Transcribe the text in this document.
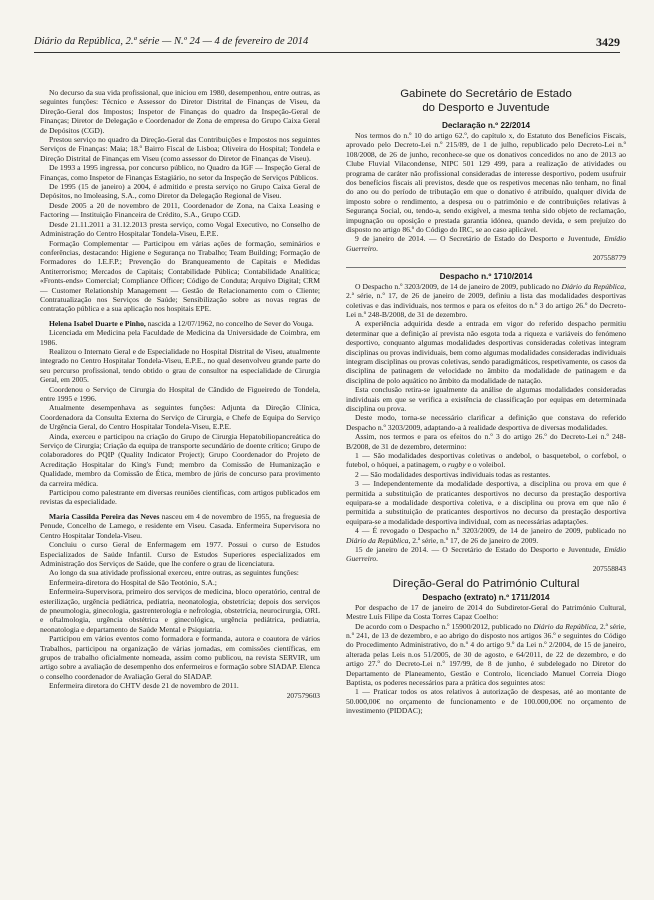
Diário da República, 2.ª série — N.º 24 — 4 de fevereiro de 2014	3429

No decurso da sua vida profissional, que iniciou em 1980, desempenhou, entre outras, as seguintes funções: Técnico e Assessor do Diretor Distrital de Finanças de Viseu, da Direção-Geral dos Impostos; Inspetor de Finanças do quadro da Inspeção-Geral de Finanças; Diretor de Delegação e Coordenador de Zona de empresa do Grupo Caixa Geral de Depósitos (CGD).

Prestou serviço no quadro da Direção-Geral das Contribuições e Impostos nos seguintes Serviços de Finanças: Maia; 18.º Bairro Fiscal de Lisboa; Oliveira do Hospital; Tondela e Direção Distrital de Finanças em Viseu (como assessor do Diretor de Finanças de Viseu).

De 1993 a 1995 ingressa, por concurso público, no Quadro da IGF — Inspeção Geral de Finanças, como Inspetor de Finanças Estagiário, no setor da Inspeção de Serviços Públicos.

De 1995 (15 de janeiro) a 2004, é admitido e presta serviço no Grupo Caixa Geral de Depósitos, no Imoleasing, S.A., como Diretor da Delegação Regional de Viseu.

Desde 2005 a 20 de novembro de 2011, Coordenador de Zona, na Caixa Leasing e Factoring — Instituição Financeira de Crédito, S.A., Grupo CGD.

Desde 21.11.2011 a 31.12.2013 presta serviço, como Vogal Executivo, no Conselho de Administração do Centro Hospitalar Tondela-Viseu, E.P.E.

Formação Complementar — Participou em várias ações de formação, seminários e conferências, destacando: Higiene e Segurança no Trabalho; Team Building; Formação de Formadores do I.E.F.P.; Prevenção do Branqueamento de Capitais e Medidas Antiterrorismo; Mercados de Capitais; Contabilidade Pública; Contabilidade Analítica; «Fronts-ends» Comercial; Compliance Officer; Código de Conduta; Arquivo Digital; CRM — Customer Relationship Management — Gestão de Relacionamento com o Cliente; Contratualização nos Serviços de Saúde; Sensibilização sobre as novas regras de contratação pública e a sua aplicação nos hospitais EPE.

Helena Isabel Duarte e Pinho, nascida a 12/07/1962, no concelho de Sever do Vouga.

Licenciada em Medicina pela Faculdade de Medicina da Universidade de Coimbra, em 1986.

Realizou o Internato Geral e de Especialidade no Hospital Distrital de Viseu, atualmente integrado no Centro Hospitalar Tondela-Viseu, E.P.E., no qual desenvolveu grande parte do seu percurso profissional, tendo obtido o grau de consultor na especialidade de Cirurgia Geral, em 2005.

Coordenou o Serviço de Cirurgia do Hospital de Cândido de Figueiredo de Tondela, entre 1995 e 1996.

Atualmente desempenhava as seguintes funções: Adjunta da Direção Clínica, Coordenadora da Consulta Externa do Serviço de Cirurgia, e Chefe de Equipa do Serviço de Urgência Geral, do Centro Hospitalar Tondela-Viseu, E.P.E.

Ainda, exerceu e participou na criação do Grupo de Cirurgia Hepatobiliopancreática do Serviço de Cirurgia; Criação da equipa de transporte secundário de doente crítico; Grupo de colaboradores do PQIP (Quality Indicator Project); Grupo Coordenador do Projeto de Acreditação Hospitalar do King's Fund; membro da Comissão de Humanização e Qualidade, membro da Comissão de Ética, membro de júris de concurso para provimento da carreira médica.

Participou como palestrante em diversas reuniões científicas, com artigos publicados em revistas da especialidade.

Maria Cassilda Pereira das Neves nasceu em 4 de novembro de 1955, na freguesia de Penude, Concelho de Lamego, e residente em Viseu. Casada. Enfermeira Supervisora no Centro Hospitalar Tondela-Viseu.

Concluiu o curso Geral de Enfermagem em 1977. Possui o curso de Estudos Especializados de Saúde Infantil. Curso de Estudos Superiores especializados em Administração dos Serviços de Saúde, que lhe confere o grau de licenciatura.

Ao longo da sua atividade profissional exerceu, entre outras, as seguintes funções:

Enfermeira-diretora do Hospital de São Teotónio, S.A.;

Enfermeira-Supervisora, primeiro dos serviços de medicina, bloco operatório, central de esterilização, urgência pediátrica, pediatria, neonatologia, obstetrícia; depois dos serviços de pneumologia, ginecologia, gastrenterologia e nefrologia, obstetrícia, neurocirurgia, ORL e oftalmologia, urgência obstétrica e ginecológica, urgência pediátrica, pediatria, neonatologia e departamento de Saúde Mental e Psiquiatria.

Participou em vários eventos como formadora e formanda, autora e coautora de vários Trabalhos, participou na organização de várias jornadas, em comissões científicas, em grupos de trabalho oficialmente nomeada, assim como publicou, na revista SERVIR, um artigo sobre a avaliação de desempenho dos enfermeiros e formação sobre SIADAP. Elenca o conselho coordenador de Avaliação Geral do SIADAP.

Enfermeira diretora do CHTV desde 21 de novembro de 2011.

207579603

Gabinete do Secretário de Estado
do Desporto e Juventude
Declaração n.º 22/2014

Nos termos do n.º 10 do artigo 62.º, do capítulo x, do Estatuto dos Benefícios Fiscais, aprovado pelo Decreto-Lei n.º 215/89, de 1 de julho, republicado pelo Decreto-Lei n.º 108/2008, de 26 de junho, reconhece-se que os donativos concedidos no ano de 2013 ao Clube Fluvial Vilacondense, NIPC 501 129 499, para a realização de atividades ou programa de caráter não profissional consideradas de interesse desportivo, podem usufruir dos benefícios fiscais ali previstos, desde que os respetivos mecenas não tenham, no final do ano ou do período de tributação em que o donativo é atribuído, qualquer dívida de imposto sobre o rendimento, a despesa ou o património e de contribuições relativas à Segurança Social, ou, tendo-a, sendo exigível, a mesma tenha sido objeto de reclamação, impugnação ou oposição e prestada garantia idónea, quando devida, e sem prejuízo do disposto no artigo 86.º do Código do IRC, se ao caso aplicável.

9 de janeiro de 2014. — O Secretário de Estado do Desporto e Juventude, Emídio Guerreiro.

207558779

Despacho n.º 1710/2014

O Despacho n.º 3203/2009, de 14 de janeiro de 2009, publicado no Diário da República, 2.ª série, n.º 17, de 26 de janeiro de 2009, definiu a lista das modalidades desportivas coletivas e das individuais, nos termos e para os efeitos do n.º 3 do artigo 26.º do Decreto-Lei n.º 248-B/2008, de 31 de dezembro.

A experiência adquirida desde a entrada em vigor do referido despacho permitiu determinar que a definição aí prevista não esgota toda a riqueza e variáveis do fenómeno desportivo, conquanto algumas modalidades desportivas consideradas coletivas integram disciplinas ou provas individuais, bem como algumas modalidades consideradas individuais integram disciplinas ou provas coletivas, sendo paradigmáticos, respetivamente, os casos da disciplina de patinagem de velocidade no âmbito da modalidade de patinagem e da disciplina de polo aquático no âmbito da modalidade de natação.

Esta conclusão retira-se igualmente da análise de algumas modalidades consideradas individuais em que se verifica a existência de classificação por equipas em determinada disciplina ou prova.

Deste modo, torna-se necessário clarificar a definição que constava do referido Despacho n.º 3203/2009, adaptando-a à realidade desportiva de diversas modalidades.

Assim, nos termos e para os efeitos do n.º 3 do artigo 26.º do Decreto-Lei n.º 248-B/2008, de 31 de dezembro, determino:

1 — São modalidades desportivas coletivas o andebol, o basquetebol, o corfebol, o futebol, o hóquei, a patinagem, o rugby e o voleibol.

2 — São modalidades desportivas individuais todas as restantes.

3 — Independentemente da modalidade desportiva, a disciplina ou prova em que é permitida a substituição de praticantes desportivos no decurso da prestação desportiva equipara-se a modalidade desportiva coletiva, e a disciplina ou prova em que não é permitida a substituição de praticantes desportivos no decurso da prestação desportiva equipara-se a modalidade desportiva individual, com as necessárias adaptações.

4 — É revogado o Despacho n.º 3203/2009, de 14 de janeiro de 2009, publicado no Diário da República, 2.ª série, n.º 17, de 26 de janeiro de 2009.

15 de janeiro de 2014. — O Secretário de Estado do Desporto e Juventude, Emídio Guerreiro.

207558843

Direção-Geral do Património Cultural
Despacho (extrato) n.º 1711/2014

Por despacho de 17 de janeiro de 2014 do Subdiretor-Geral do Património Cultural, Mestre Luís Filipe da Costa Torres Capaz Coelho:

De acordo com o Despacho n.º 15900/2012, publicado no Diário da República, 2.ª série, n.º 241, de 13 de dezembro, e ao abrigo do disposto nos artigos 36.º e seguintes do Código do Procedimento Administrativo, do n.º 4 do artigo 9.º da Lei n.º 2/2004, de 15 de janeiro, alterada pelas Leis n.os 51/2005, de 30 de agosto, e 64/2011, de 22 de dezembro, e do artigo 27.º do Decreto-Lei n.º 197/99, de 8 de junho, é subdelegado no Diretor do Departamento de Planeamento, Gestão e Controlo, licenciado Manuel Correia Diogo Baptista, os poderes necessários para a prática dos seguintes atos:

1 — Praticar todos os atos relativos à autorização de despesas, até ao montante de 50.000,00€ no orçamento de funcionamento e de 100.000,00€ no orçamento de investimento (PIDDAC);
